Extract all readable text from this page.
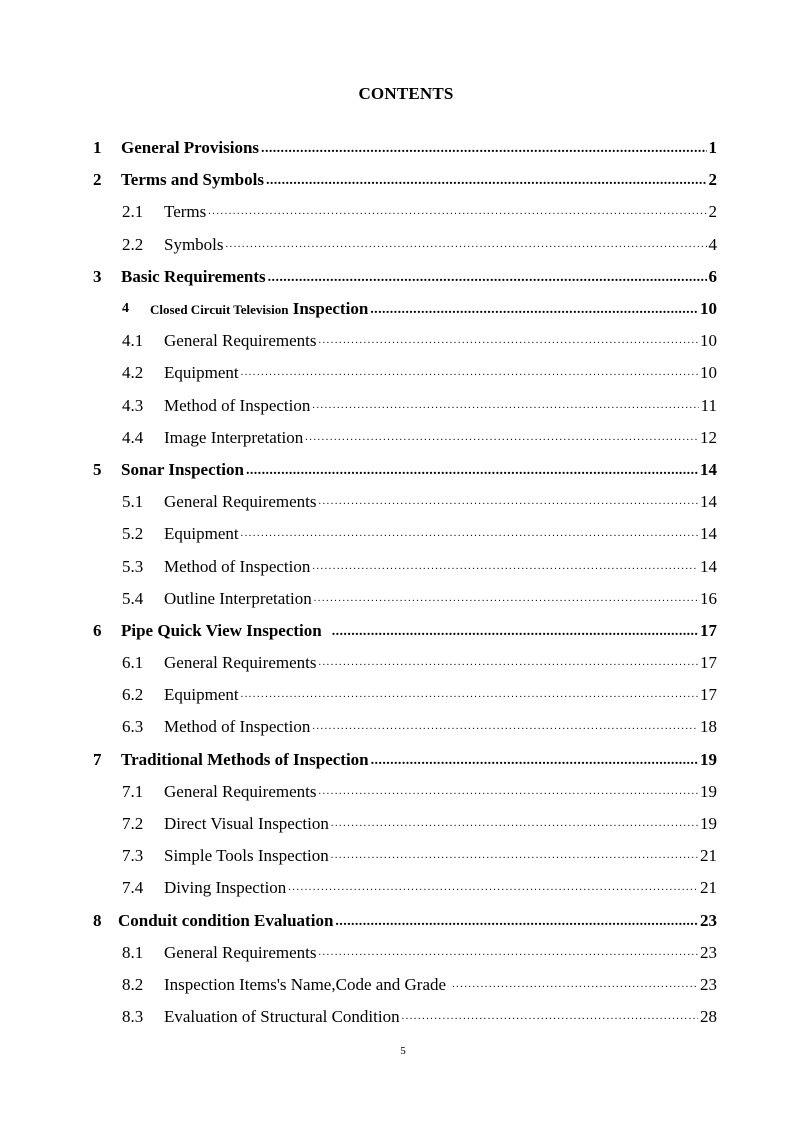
CONTENTS
1	General Provisions .....	1
2	Terms and Symbols .....	2
2.1	Terms .....	2
2.2	Symbols .....	4
3	Basic Requirements .....	6
4	Closed Circuit Television Inspection .....	10
4.1	General Requirements .....	10
4.2	Equipment .....	10
4.3	Method of Inspection .....	11
4.4	Image Interpretation .....	12
5	Sonar Inspection .....	14
5.1	General Requirements .....	14
5.2	Equipment .....	14
5.3	Method of Inspection .....	14
5.4	Outline Interpretation .....	16
6	Pipe Quick View Inspection .....	17
6.1	General Requirements .....	17
6.2	Equipment .....	17
6.3	Method of Inspection .....	18
7	Traditional Methods of Inspection .....	19
7.1	General Requirements .....	19
7.2	Direct Visual Inspection .....	19
7.3	Simple Tools Inspection .....	21
7.4	Diving Inspection .....	21
8 Conduit condition Evaluation .....	23
8.1	General Requirements .....	23
8.2	Inspection Items's Name,Code and Grade .....	23
8.3	Evaluation of Structural Condition .....	28
5
